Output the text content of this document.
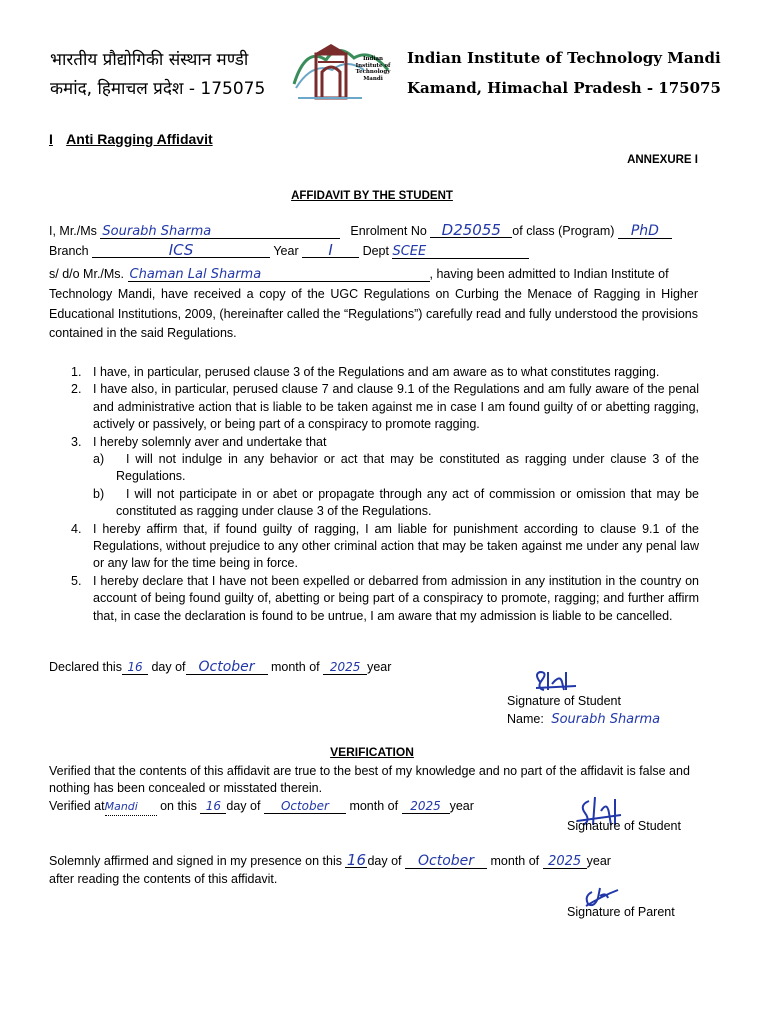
भारतीय प्रौद्योगिकी संस्थान मण्डी
कमांद, हिमाचल प्रदेश - 175075
Indian
Institute of
Technology
Mandi
Indian Institute of Technology Mandi
Kamand, Himachal Pradesh - 175075
I Anti Ragging Affidavit
ANNEXURE I
AFFIDAVIT BY THE STUDENT
I, Mr./Ms Sourabh Sharma	Enrolment No D25055 of class (Program) PhD
Branch	ICS	Year I Dept SCEE
s/ d/o Mr./Ms. Chaman Lal Sharma	, having been admitted to Indian Institute of
Technology Mandi, have received a copy of the UGC Regulations on Curbing the Menace of Ragging in Higher Educational Institutions, 2009, (hereinafter called the “Regulations”) carefully read and fully understood the provisions contained in the said Regulations.
1. I have, in particular, perused clause 3 of the Regulations and am aware as to what constitutes ragging.
2. I have also, in particular, perused clause 7 and clause 9.1 of the Regulations and am fully aware of the penal and administrative action that is liable to be taken against me in case I am found guilty of or abetting ragging, actively or passively, or being part of a conspiracy to promote ragging.
3. I hereby solemnly aver and undertake that
a) I will not indulge in any behavior or act that may be constituted as ragging under clause 3 of the Regulations.
b) I will not participate in or abet or propagate through any act of commission or omission that may be constituted as ragging under clause 3 of the Regulations.
4. I hereby affirm that, if found guilty of ragging, I am liable for punishment according to clause 9.1 of the Regulations, without prejudice to any other criminal action that may be taken against me under any penal law or any law for the time being in force.
5. I hereby declare that I have not been expelled or debarred from admission in any institution in the country on account of being found guilty of, abetting or being part of a conspiracy to promote, ragging; and further affirm that, in case the declaration is found to be untrue, I am aware that my admission is liable to be cancelled.
Declared this 16 day of October month of 2025 year
Signature of Student
Name: Sourabh Sharma
VERIFICATION
Verified that the contents of this affidavit are true to the best of my knowledge and no part of the affidavit is false and nothing has been concealed or misstated therein.
Verified atMandi on this 16 day of October month of 2025 year
Signature of Student
Solemnly affirmed and signed in my presence on this 16day of October month of 2025 year
after reading the contents of this affidavit.
Signature of Parent
